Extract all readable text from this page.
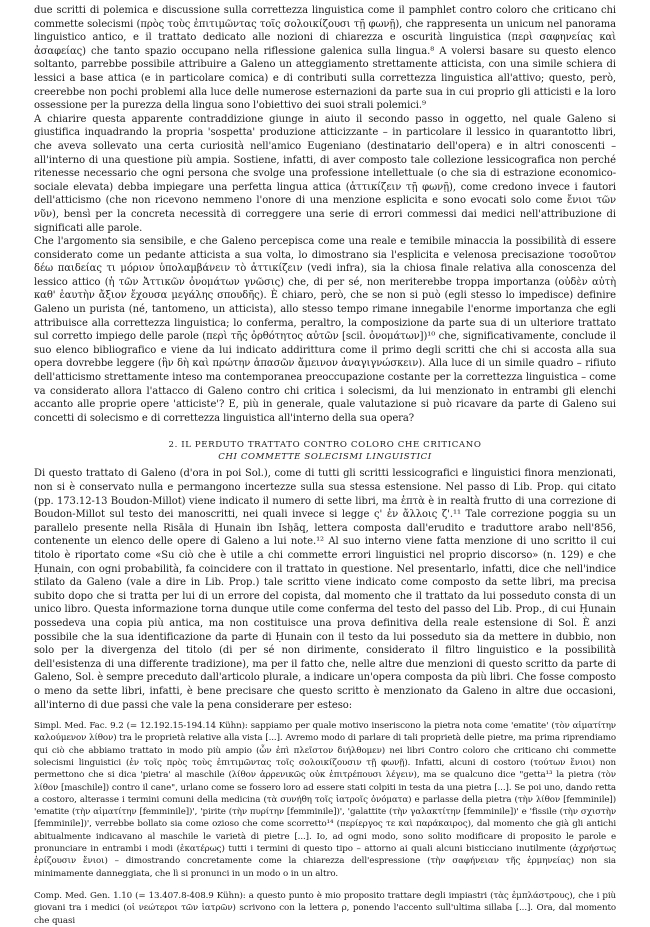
due scritti di polemica e discussione sulla correttezza linguistica come il pamphlet contro coloro che criticano chi commette solecismi (πρὸς τοὺς ἐπιτιμῶντας τοῖς σολοικίζουσι τῇ φωνῇ), che rappresenta un unicum nel panorama linguistico antico, e il trattato dedicato alle nozioni di chiarezza e oscurità linguistica (περὶ σαφηνείας καὶ ἀσαφείας) che tanto spazio occupano nella riflessione galenica sulla lingua.⁸ A volersi basare su questo elenco soltanto, parrebbe possibile attribuire a Galeno un atteggiamento strettamente atticista, con una simile schiera di lessici a base attica (e in particolare comica) e di contributi sulla correttezza linguistica all'attivo; questo, però, creerebbe non pochi problemi alla luce delle numerose esternazioni da parte sua in cui proprio gli atticisti e la loro ossessione per la purezza della lingua sono l'obiettivo dei suoi strali polemici.⁹

A chiarire questa apparente contraddizione giunge in aiuto il secondo passo in oggetto, nel quale Galeno si giustifica inquadrando la propria 'sospetta' produzione atticizzante – in particolare il lessico in quarantotto libri, che aveva sollevato una certa curiosità nell'amico Eugeniano (destinatario dell'opera) e in altri conoscenti – all'interno di una questione più ampia. Sostiene, infatti, di aver composto tale collezione lessicografica non perché ritenesse necessario che ogni persona che svolge una professione intellettuale (o che sia di estrazione economico-sociale elevata) debba impiegare una perfetta lingua attica (ἀττικίζειν τῇ φωνῇ), come credono invece i fautori dell'atticismo (che non ricevono nemmeno l'onore di una menzione esplicita e sono evocati solo come ἔνιοι τῶν νῦν), bensì per la concreta necessità di correggere una serie di errori commessi dai medici nell'attribuzione di significati alle parole.

Che l'argomento sia sensibile, e che Galeno percepisca come una reale e temibile minaccia la possibilità di essere considerato come un pedante atticista a sua volta, lo dimostrano sia l'esplicita e velenosa precisazione τοσοῦτον δέω παιδείας τι μόριον ὑπολαμβάνειν τὸ ἀττικίζειν (vedi infra), sia la chiosa finale relativa alla conoscenza del lessico attico (ἡ τῶν Ἀττικῶν ὀνομάτων γνῶσις) che, di per sé, non meriterebbe troppa importanza (οὐδὲν αὐτὴ καθ' ἑαυτὴν ἄξιον ἔχουσα μεγάλης σπουδῆς). È chiaro, però, che se non si può (egli stesso lo impedisce) definire Galeno un purista (né, tantomeno, un atticista), allo stesso tempo rimane innegabile l'enorme importanza che egli attribuisce alla correttezza linguistica; lo conferma, peraltro, la composizione da parte sua di un ulteriore trattato sul corretto impiego delle parole (περὶ τῆς ὀρθότητος αὐτῶν [scil. ὀνομάτων])¹⁰ che, significativamente, conclude il suo elenco bibliografico e viene da lui indicato addirittura come il primo degli scritti che chi si accosta alla sua opera dovrebbe leggere (ἣν δὴ καὶ πρώτην ἁπασῶν ἄμεινον ἀναγιγνώσκειν). Alla luce di un simile quadro – rifiuto dell'atticismo strettamente inteso ma contemporanea preoccupazione costante per la correttezza linguistica – come va considerato allora l'attacco di Galeno contro chi critica i solecismi, da lui menzionato in entrambi gli elenchi accanto alle proprie opere 'atticiste'? E, più in generale, quale valutazione si può ricavare da parte di Galeno sui concetti di solecismo e di correttezza linguistica all'interno della sua opera?

2. IL PERDUTO TRATTATO CONTRO COLORO CHE CRITICANO
CHI COMMETTE SOLECISMI LINGUISTICI

Di questo trattato di Galeno (d'ora in poi Sol.), come di tutti gli scritti lessicografici e linguistici finora menzionati, non si è conservato nulla e permangono incertezze sulla sua stessa estensione. Nel passo di Lib. Prop. qui citato (pp. 173.12-13 Boudon-Millot) viene indicato il numero di sette libri, ma ἑπτὰ è in realtà frutto di una correzione di Boudon-Millot sul testo dei manoscritti, nei quali invece si legge ς' ἐν ἄλλοις ζ'.¹¹ Tale correzione poggia su un parallelo presente nella Risāla di Ḥunain ibn Isḥāq, lettera composta dall'erudito e traduttore arabo nell'856, contenente un elenco delle opere di Galeno a lui note.¹² Al suo interno viene fatta menzione di uno scritto il cui titolo è riportato come «Su ciò che è utile a chi commette errori linguistici nel proprio discorso» (n. 129) e che Ḥunain, con ogni probabilità, fa coincidere con il trattato in questione. Nel presentarlo, infatti, dice che nell'indice stilato da Galeno (vale a dire in Lib. Prop.) tale scritto viene indicato come composto da sette libri, ma precisa subito dopo che si tratta per lui di un errore del copista, dal momento che il trattato da lui posseduto consta di un unico libro. Questa informazione torna dunque utile come conferma del testo del passo del Lib. Prop., di cui Ḥunain possedeva una copia più antica, ma non costituisce una prova definitiva della reale estensione di Sol. È anzi possibile che la sua identificazione da parte di Ḥunain con il testo da lui posseduto sia da mettere in dubbio, non solo per la divergenza del titolo (di per sé non dirimente, considerato il filtro linguistico e la possibilità dell'esistenza di una differente tradizione), ma per il fatto che, nelle altre due menzioni di questo scritto da parte di Galeno, Sol. è sempre preceduto dall'articolo plurale, a indicare un'opera composta da più libri. Che fosse composto o meno da sette libri, infatti, è bene precisare che questo scritto è menzionato da Galeno in altre due occasioni, all'interno di due passi che vale la pena considerare per esteso:

Simpl. Med. Fac. 9.2 (= 12.192.15-194.14 Kühn): sappiamo per quale motivo inseriscono la pietra nota come 'ematite' (τὸν αἱματίτην καλούμενον λίθον) tra le proprietà relative alla vista [...]. Avremo modo di parlare di tali proprietà delle pietre, ma prima riprendiamo qui ciò che abbiamo trattato in modo più ampio (ὧν ἐπὶ πλεῖστον διήλθομεν) nei libri Contro coloro che criticano chi commette solecismi linguistici (ἐν τοῖς πρὸς τοὺς ἐπιτιμῶντας τοῖς σολοικίζουσιν τῇ φωνῇ). Infatti, alcuni di costoro (τούτων ἔνιοι) non permettono che si dica 'pietra' al maschile (λίθον ἀρρενικῶς οὐκ ἐπιτρέπουσι λέγειν), ma se qualcuno dice "getta¹³ la pietra (τὸν λίθον [maschile]) contro il cane", urlano come se fossero loro ad essere stati colpiti in testa da una pietra [...]. Se poi uno, dando retta a costoro, alterasse i termini comuni della medicina (τὰ συνήθη τοῖς ἰατροῖς ὀνόματα) e parlasse della pietra (τὴν λίθον [femminile]) 'ematite (τὴν αἱματίτην [femminile])', 'pirite (τὴν πυρίτην [femminile])', 'galattite (τὴν γαλακτίτην [femminile])' e 'fissile (τὴν σχιστὴν [femminile])', verrebbe bollato sia come ozioso che come scorretto¹⁴ (περίεργος τε καὶ παράκαιρος), dal momento che già gli antichi abitualmente indicavano al maschile le varietà di pietre [...]. Io, ad ogni modo, sono solito modificare di proposito le parole e pronunciare in entrambi i modi (ἑκατέρως) tutti i termini di questo tipo – attorno ai quali alcuni bisticciano inutilmente (ἀχρήστως ἐρίζουσιν ἔνιοι) – dimostrando concretamente come la chiarezza dell'espressione (τὴν σαφήνειαν τῆς ἑρμηνείας) non sia minimamente danneggiata, che lì si pronunci in un modo o in un altro.

Comp. Med. Gen. 1.10 (= 13.407.8-408.9 Kühn): a questo punto è mio proposito trattare degli impiastri (τὰς ἐμπλάστρους), che i più giovani tra i medici (οἱ νεώτεροι τῶν ἰατρῶν) scrivono con la lettera ρ, ponendo l'accento sull'ultima sillaba [...]. Ora, dal momento che quasi
